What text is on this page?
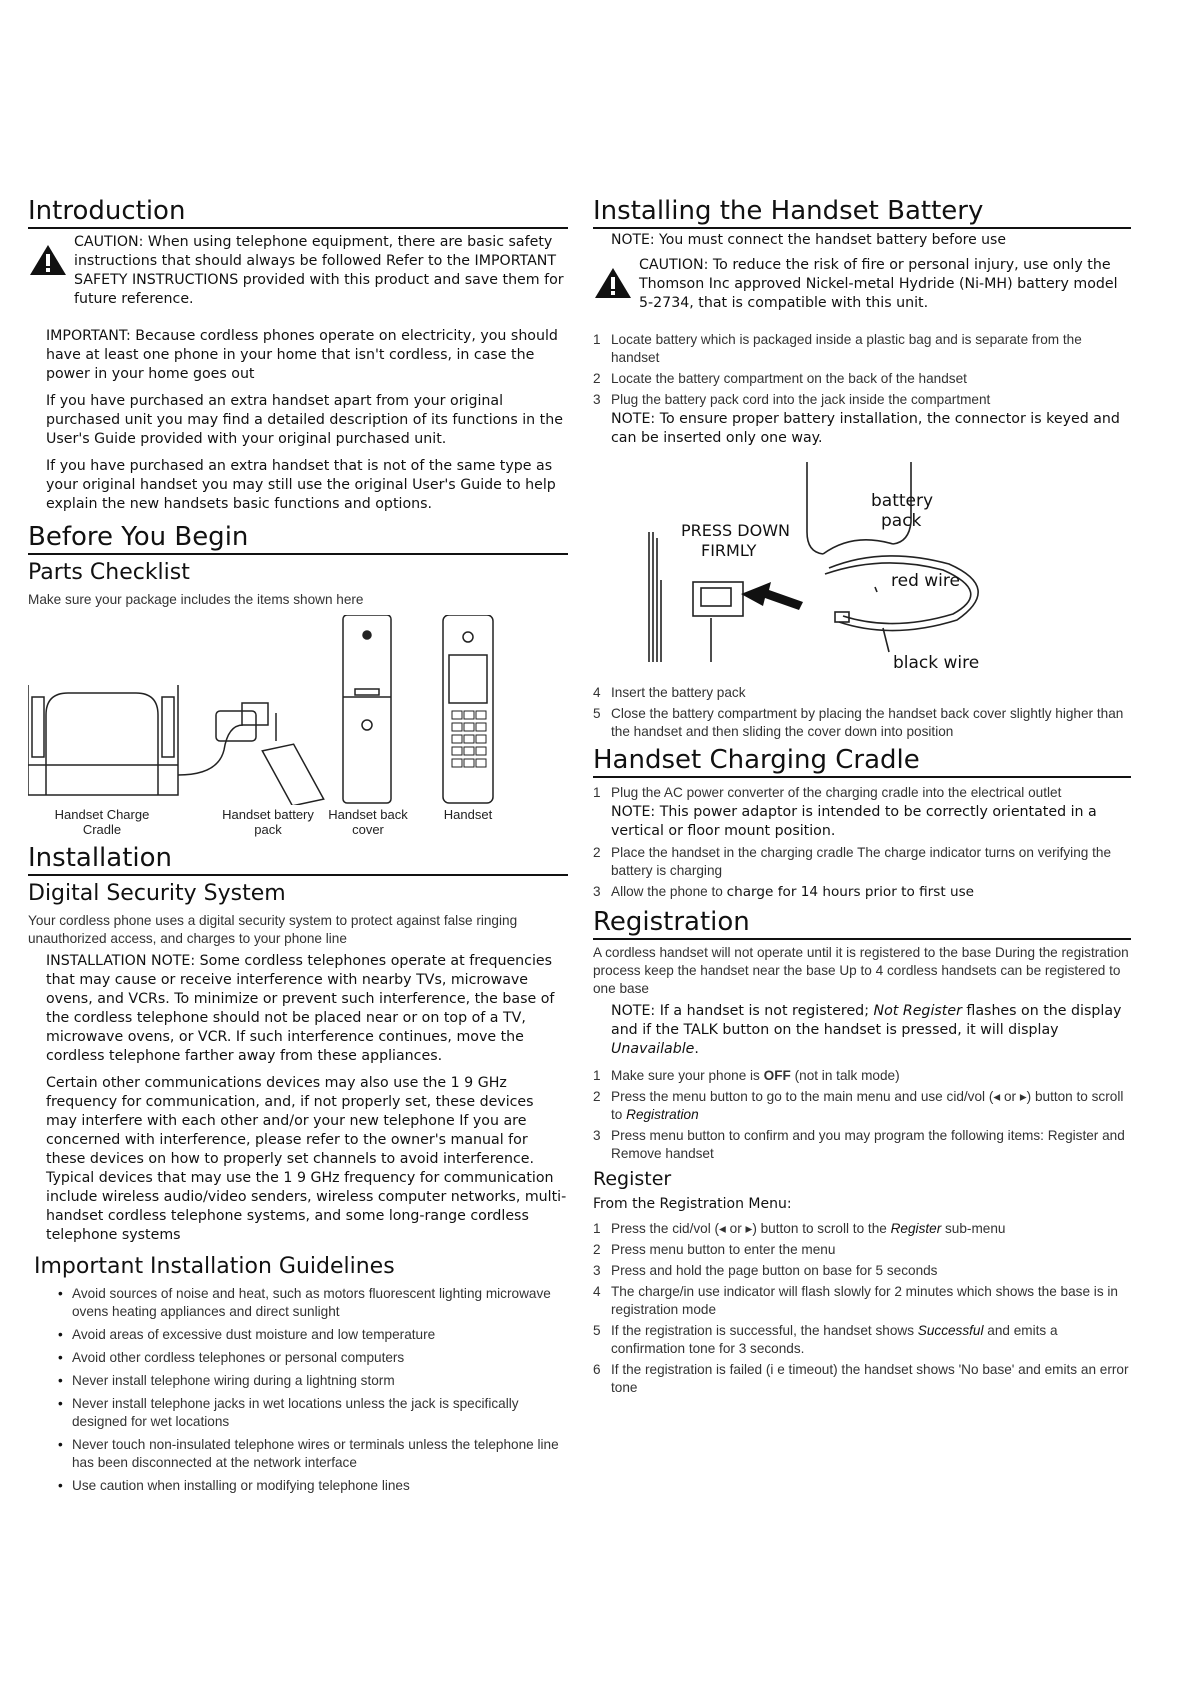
Introduction
CAUTION: When using telephone equipment, there are basic safety instructions that should always be followed Refer to the IMPORTANT SAFETY INSTRUCTIONS provided with this product and save them for future reference.

IMPORTANT: Because cordless phones operate on electricity, you should have at least one phone in your home that isn't cordless, in case the power in your home goes out

If you have purchased an extra handset apart from your original purchased unit you may find a detailed description of its functions in the User's Guide provided with your original purchased unit.

If you have purchased an extra handset that is not of the same type as your original handset you may still use the original User's Guide to help explain the new handsets basic functions and options.

Before You Begin
Parts Checklist

Make sure your package includes the items shown here

Handset Charge Cradle
Handset battery pack
Handset back cover
Handset
Installation
Digital Security System

Your cordless phone uses a digital security system to protect against false ringing unauthorized access, and charges to your phone line

INSTALLATION NOTE: Some cordless telephones operate at frequencies that may cause or receive interference with nearby TVs, microwave ovens, and VCRs. To minimize or prevent such interference, the base of the cordless telephone should not be placed near or on top of a TV, microwave ovens, or VCR. If such interference continues, move the cordless telephone farther away from these appliances.

Certain other communications devices may also use the 1 9 GHz frequency for communication, and, if not properly set, these devices may interfere with each other and/or your new telephone If you are concerned with interference, please refer to the owner's manual for these devices on how to properly set channels to avoid interference. Typical devices that may use the 1 9 GHz frequency for communication include wireless audio/video senders, wireless computer networks, multi-handset cordless telephone systems, and some long-range cordless telephone systems

Important Installation Guidelines
• Avoid sources of noise and heat, such as motors fluorescent lighting microwave ovens heating appliances and direct sunlight
• Avoid areas of excessive dust moisture and low temperature
• Avoid other cordless telephones or personal computers
• Never install telephone wiring during a lightning storm
• Never install telephone jacks in wet locations unless the jack is specifically designed for wet locations
• Never touch non-insulated telephone wires or terminals unless the telephone line has been disconnected at the network interface
• Use caution when installing or modifying telephone lines
Installing the Handset Battery

NOTE: You must connect the handset battery before use

CAUTION: To reduce the risk of fire or personal injury, use only the Thomson Inc approved Nickel-metal Hydride (Ni-MH) battery model 5-2734, that is compatible with this unit.
1 Locate battery which is packaged inside a plastic bag and is separate from the handset
2 Locate the battery compartment on the back of the handset
3 Plug the battery pack cord into the jack inside the compartment
NOTE: To ensure proper battery installation, the connector is keyed and can be inserted only one way.
PRESS DOWN
FIRMLY
battery
pack
red wire
black wire
4 Insert the battery pack
5 Close the battery compartment by placing the handset back cover slightly higher than the handset and then sliding the cover down into position
Handset Charging Cradle
1 Plug the AC power converter of the charging cradle into the electrical outlet
NOTE: This power adaptor is intended to be correctly orientated in a vertical or floor mount position.
2 Place the handset in the charging cradle The charge indicator turns on verifying the battery is charging
3 Allow the phone to charge for 14 hours prior to first use
Registration

A cordless handset will not operate until it is registered to the base During the registration process keep the handset near the base Up to 4 cordless handsets can be registered to one base

NOTE: If a handset is not registered; Not Register flashes on the display and if the TALK button on the handset is pressed, it will display Unavailable.

1 Make sure your phone is OFF (not in talk mode)
2 Press the menu button to go to the main menu and use cid/vol (◂ or ▸) button to scroll to Registration
3 Press menu button to confirm and you may program the following items: Register and Remove handset
Register

From the Registration Menu:

1 Press the cid/vol (◂ or ▸) button to scroll to the Register sub-menu
2 Press menu button to enter the menu
3 Press and hold the page button on base for 5 seconds
4 The charge/in use indicator will flash slowly for 2 minutes which shows the base is in registration mode
5 If the registration is successful, the handset shows Successful and emits a confirmation tone for 3 seconds.
6 If the registration is failed (i e timeout) the handset shows 'No base' and emits an error tone
